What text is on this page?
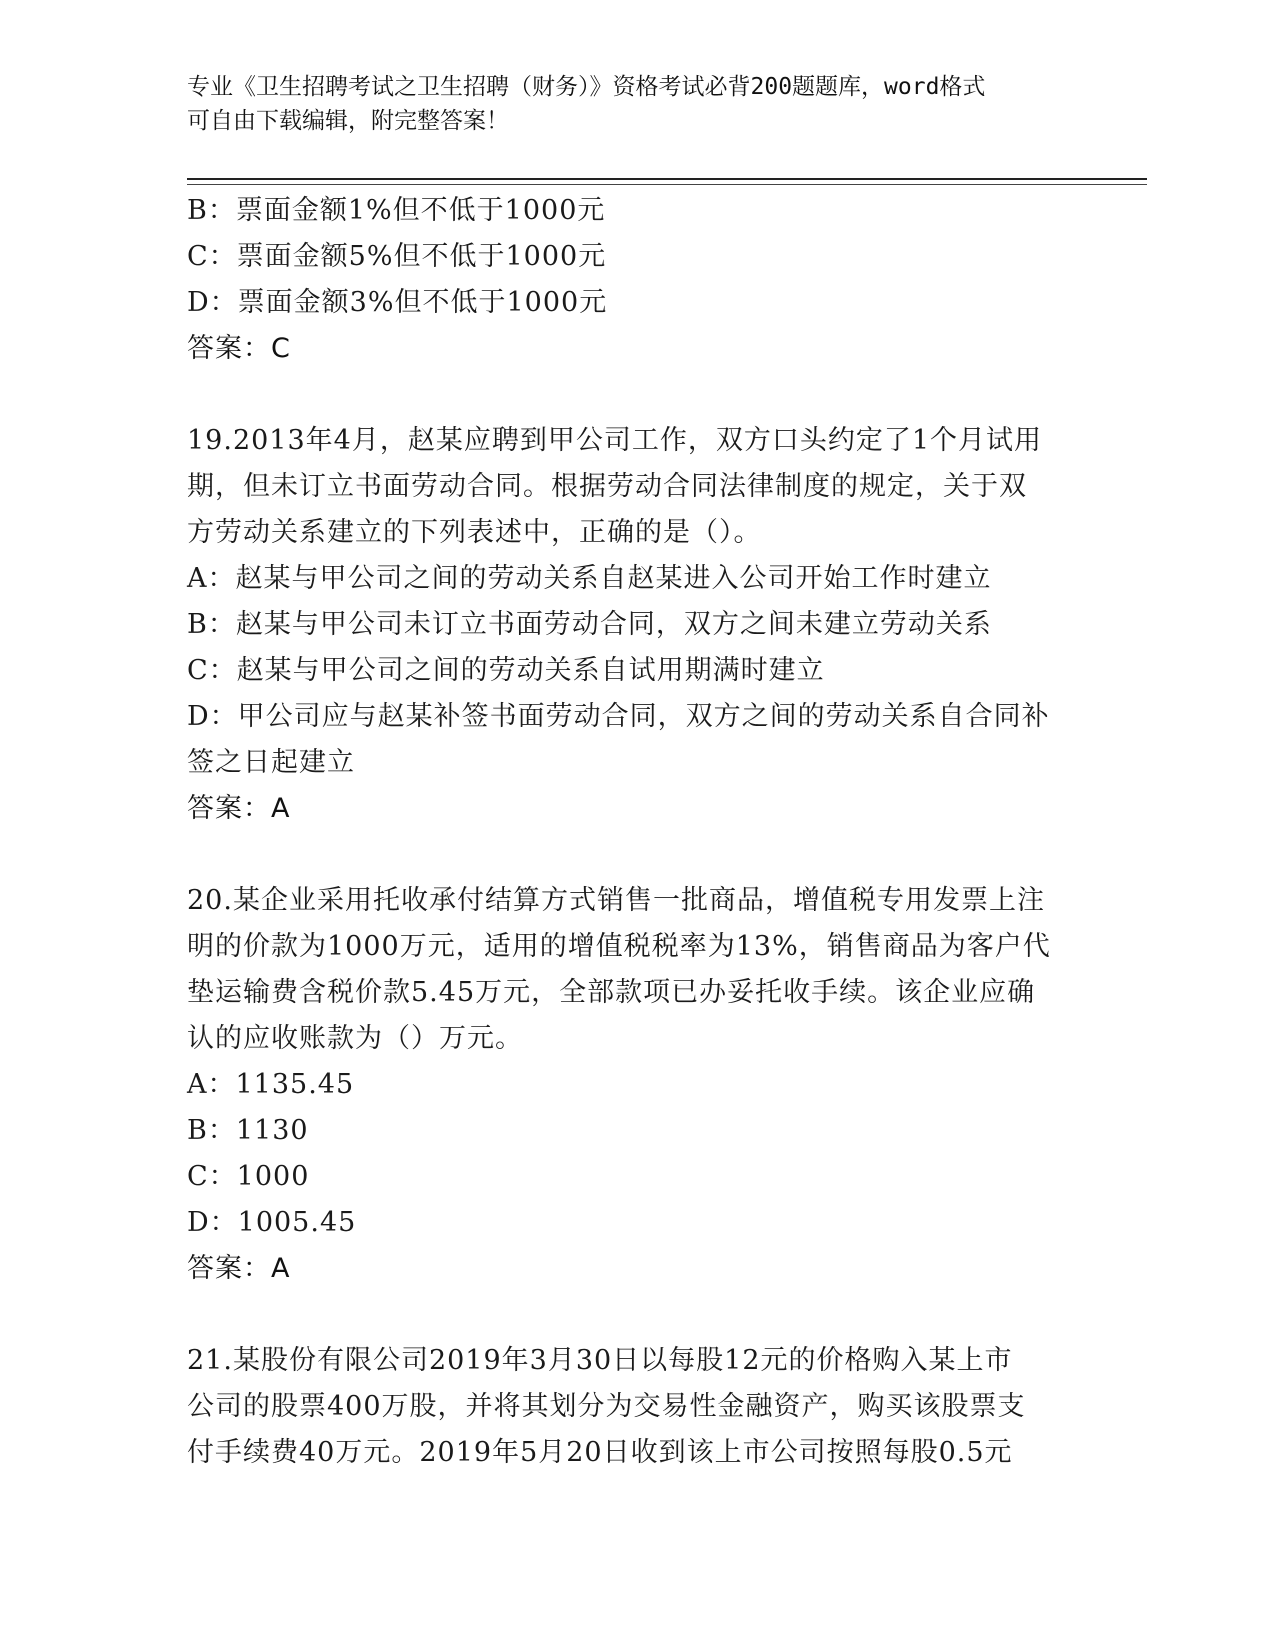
专业《卫生招聘考试之卫生招聘（财务）》资格考试必背200题题库，word格式
可自由下载编辑，附完整答案！
B：票面金额1%但不低于1000元
C：票面金额5%但不低于1000元
D：票面金额3%但不低于1000元
答案：C
19.2013年4月，赵某应聘到甲公司工作，双方口头约定了1个月试用
期，但未订立书面劳动合同。根据劳动合同法律制度的规定，关于双
方劳动关系建立的下列表述中，正确的是（）。
A：赵某与甲公司之间的劳动关系自赵某进入公司开始工作时建立
B：赵某与甲公司未订立书面劳动合同，双方之间未建立劳动关系
C：赵某与甲公司之间的劳动关系自试用期满时建立
D：甲公司应与赵某补签书面劳动合同，双方之间的劳动关系自合同补
签之日起建立
答案：A
20.某企业采用托收承付结算方式销售一批商品，增值税专用发票上注
明的价款为1000万元，适用的增值税税率为13%，销售商品为客户代
垫运输费含税价款5.45万元，全部款项已办妥托收手续。该企业应确
认的应收账款为（）万元。
A：1135.45
B：1130
C：1000
D：1005.45
答案：A
21.某股份有限公司2019年3月30日以每股12元的价格购入某上市
公司的股票400万股，并将其划分为交易性金融资产，购买该股票支
付手续费40万元。2019年5月20日收到该上市公司按照每股0.5元
